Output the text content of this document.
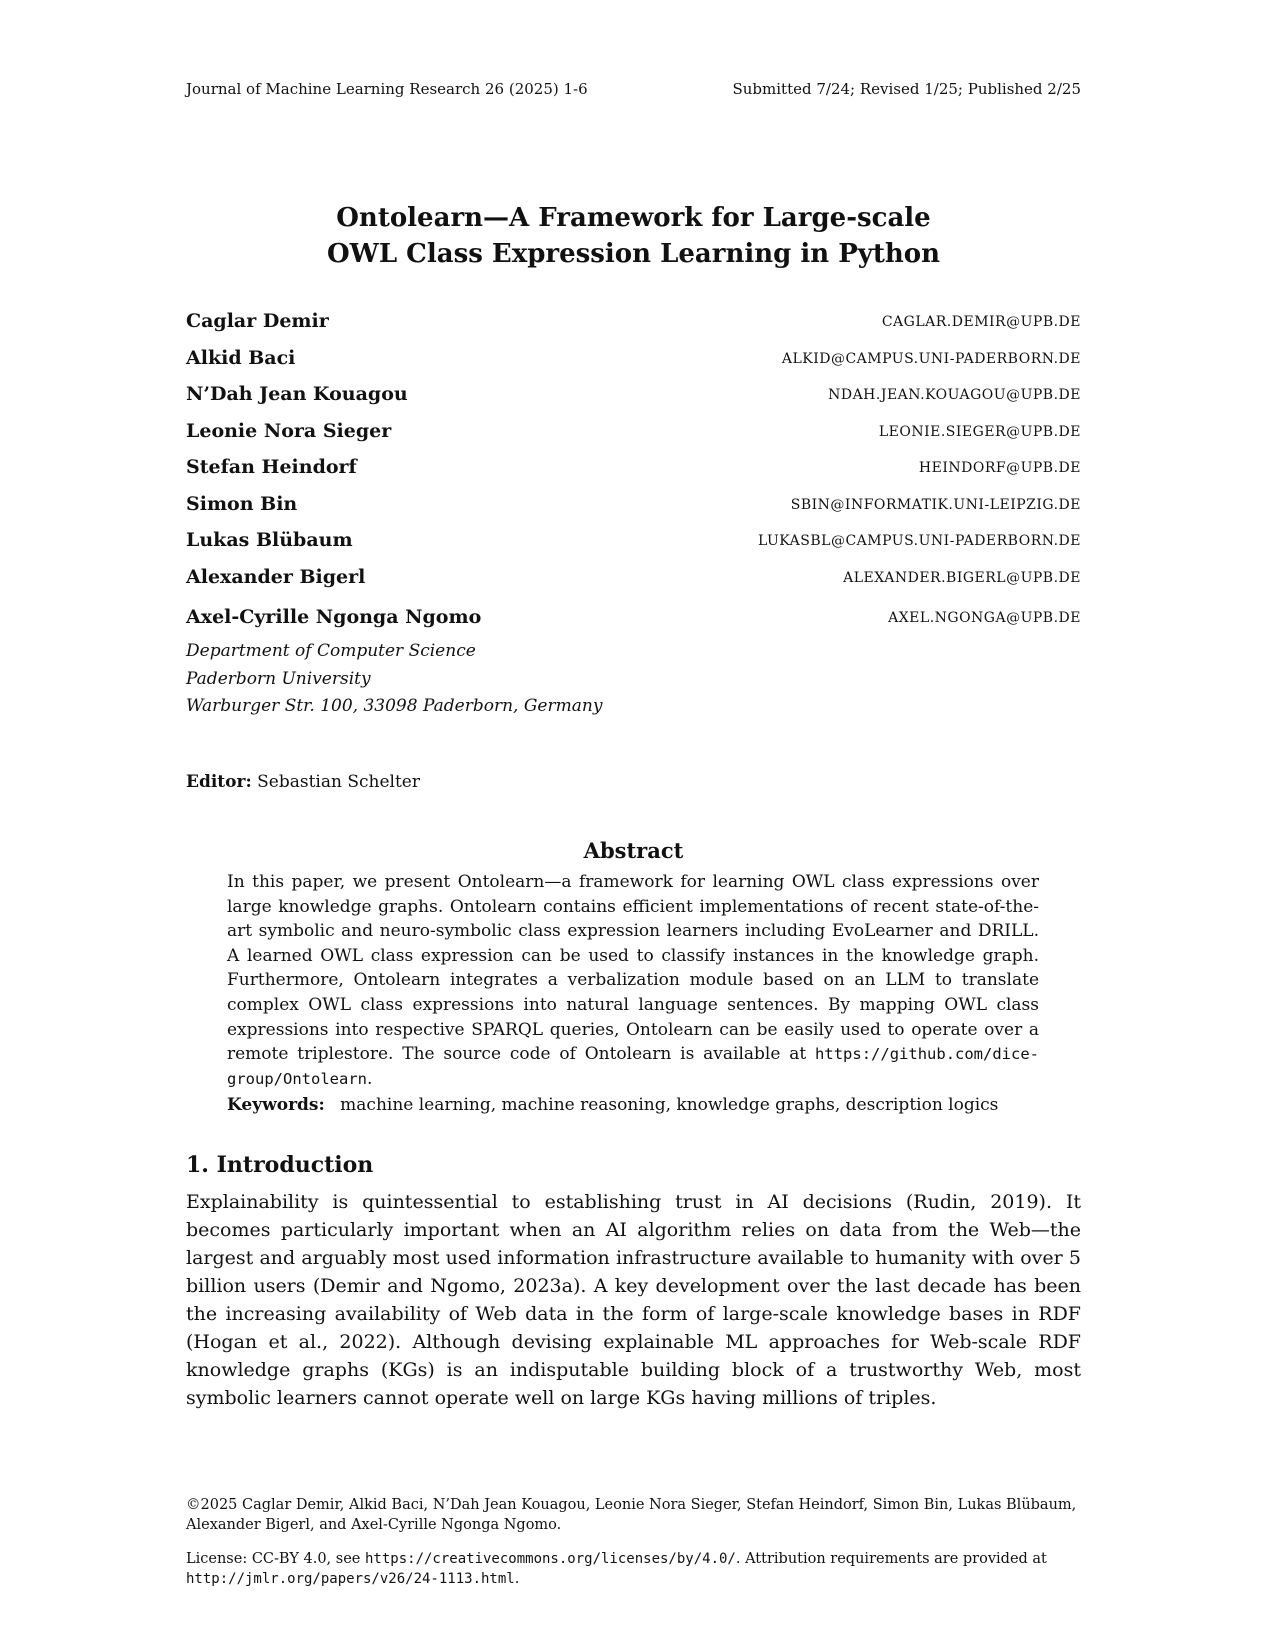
Journal of Machine Learning Research 26 (2025) 1-6	Submitted 7/24; Revised 1/25; Published 2/25
Ontolearn—A Framework for Large-scale
OWL Class Expression Learning in Python
Caglar Demir	CAGLAR.DEMIR@UPB.DE
Alkid Baci	ALKID@CAMPUS.UNI-PADERBORN.DE
N’Dah Jean Kouagou	NDAH.JEAN.KOUAGOU@UPB.DE
Leonie Nora Sieger	LEONIE.SIEGER@UPB.DE
Stefan Heindorf	HEINDORF@UPB.DE
Simon Bin	SBIN@INFORMATIK.UNI-LEIPZIG.DE
Lukas Blübaum	LUKASBL@CAMPUS.UNI-PADERBORN.DE
Alexander Bigerl	ALEXANDER.BIGERL@UPB.DE
Axel-Cyrille Ngonga Ngomo	AXEL.NGONGA@UPB.DE
Department of Computer Science
Paderborn University
Warburger Str. 100, 33098 Paderborn, Germany
Editor: Sebastian Schelter
Abstract
In this paper, we present Ontolearn—a framework for learning OWL class expressions over large knowledge graphs. Ontolearn contains efficient implementations of recent state-of-the-art symbolic and neuro-symbolic class expression learners including EvoLearner and DRILL. A learned OWL class expression can be used to classify instances in the knowledge graph. Furthermore, Ontolearn integrates a verbalization module based on an LLM to translate complex OWL class expressions into natural language sentences. By mapping OWL class expressions into respective SPARQL queries, Ontolearn can be easily used to operate over a remote triplestore. The source code of Ontolearn is available at https://github.com/dice-group/Ontolearn.
Keywords: machine learning, machine reasoning, knowledge graphs, description logics
1. Introduction
Explainability is quintessential to establishing trust in AI decisions (Rudin, 2019). It becomes particularly important when an AI algorithm relies on data from the Web—the largest and arguably most used information infrastructure available to humanity with over 5 billion users (Demir and Ngomo, 2023a). A key development over the last decade has been the increasing availability of Web data in the form of large-scale knowledge bases in RDF (Hogan et al., 2022). Although devising explainable ML approaches for Web-scale RDF knowledge graphs (KGs) is an indisputable building block of a trustworthy Web, most symbolic learners cannot operate well on large KGs having millions of triples.

©2025 Caglar Demir, Alkid Baci, N’Dah Jean Kouagou, Leonie Nora Sieger, Stefan Heindorf, Simon Bin, Lukas Blübaum, Alexander Bigerl, and Axel-Cyrille Ngonga Ngomo.

License: CC-BY 4.0, see https://creativecommons.org/licenses/by/4.0/. Attribution requirements are provided at http://jmlr.org/papers/v26/24-1113.html.
